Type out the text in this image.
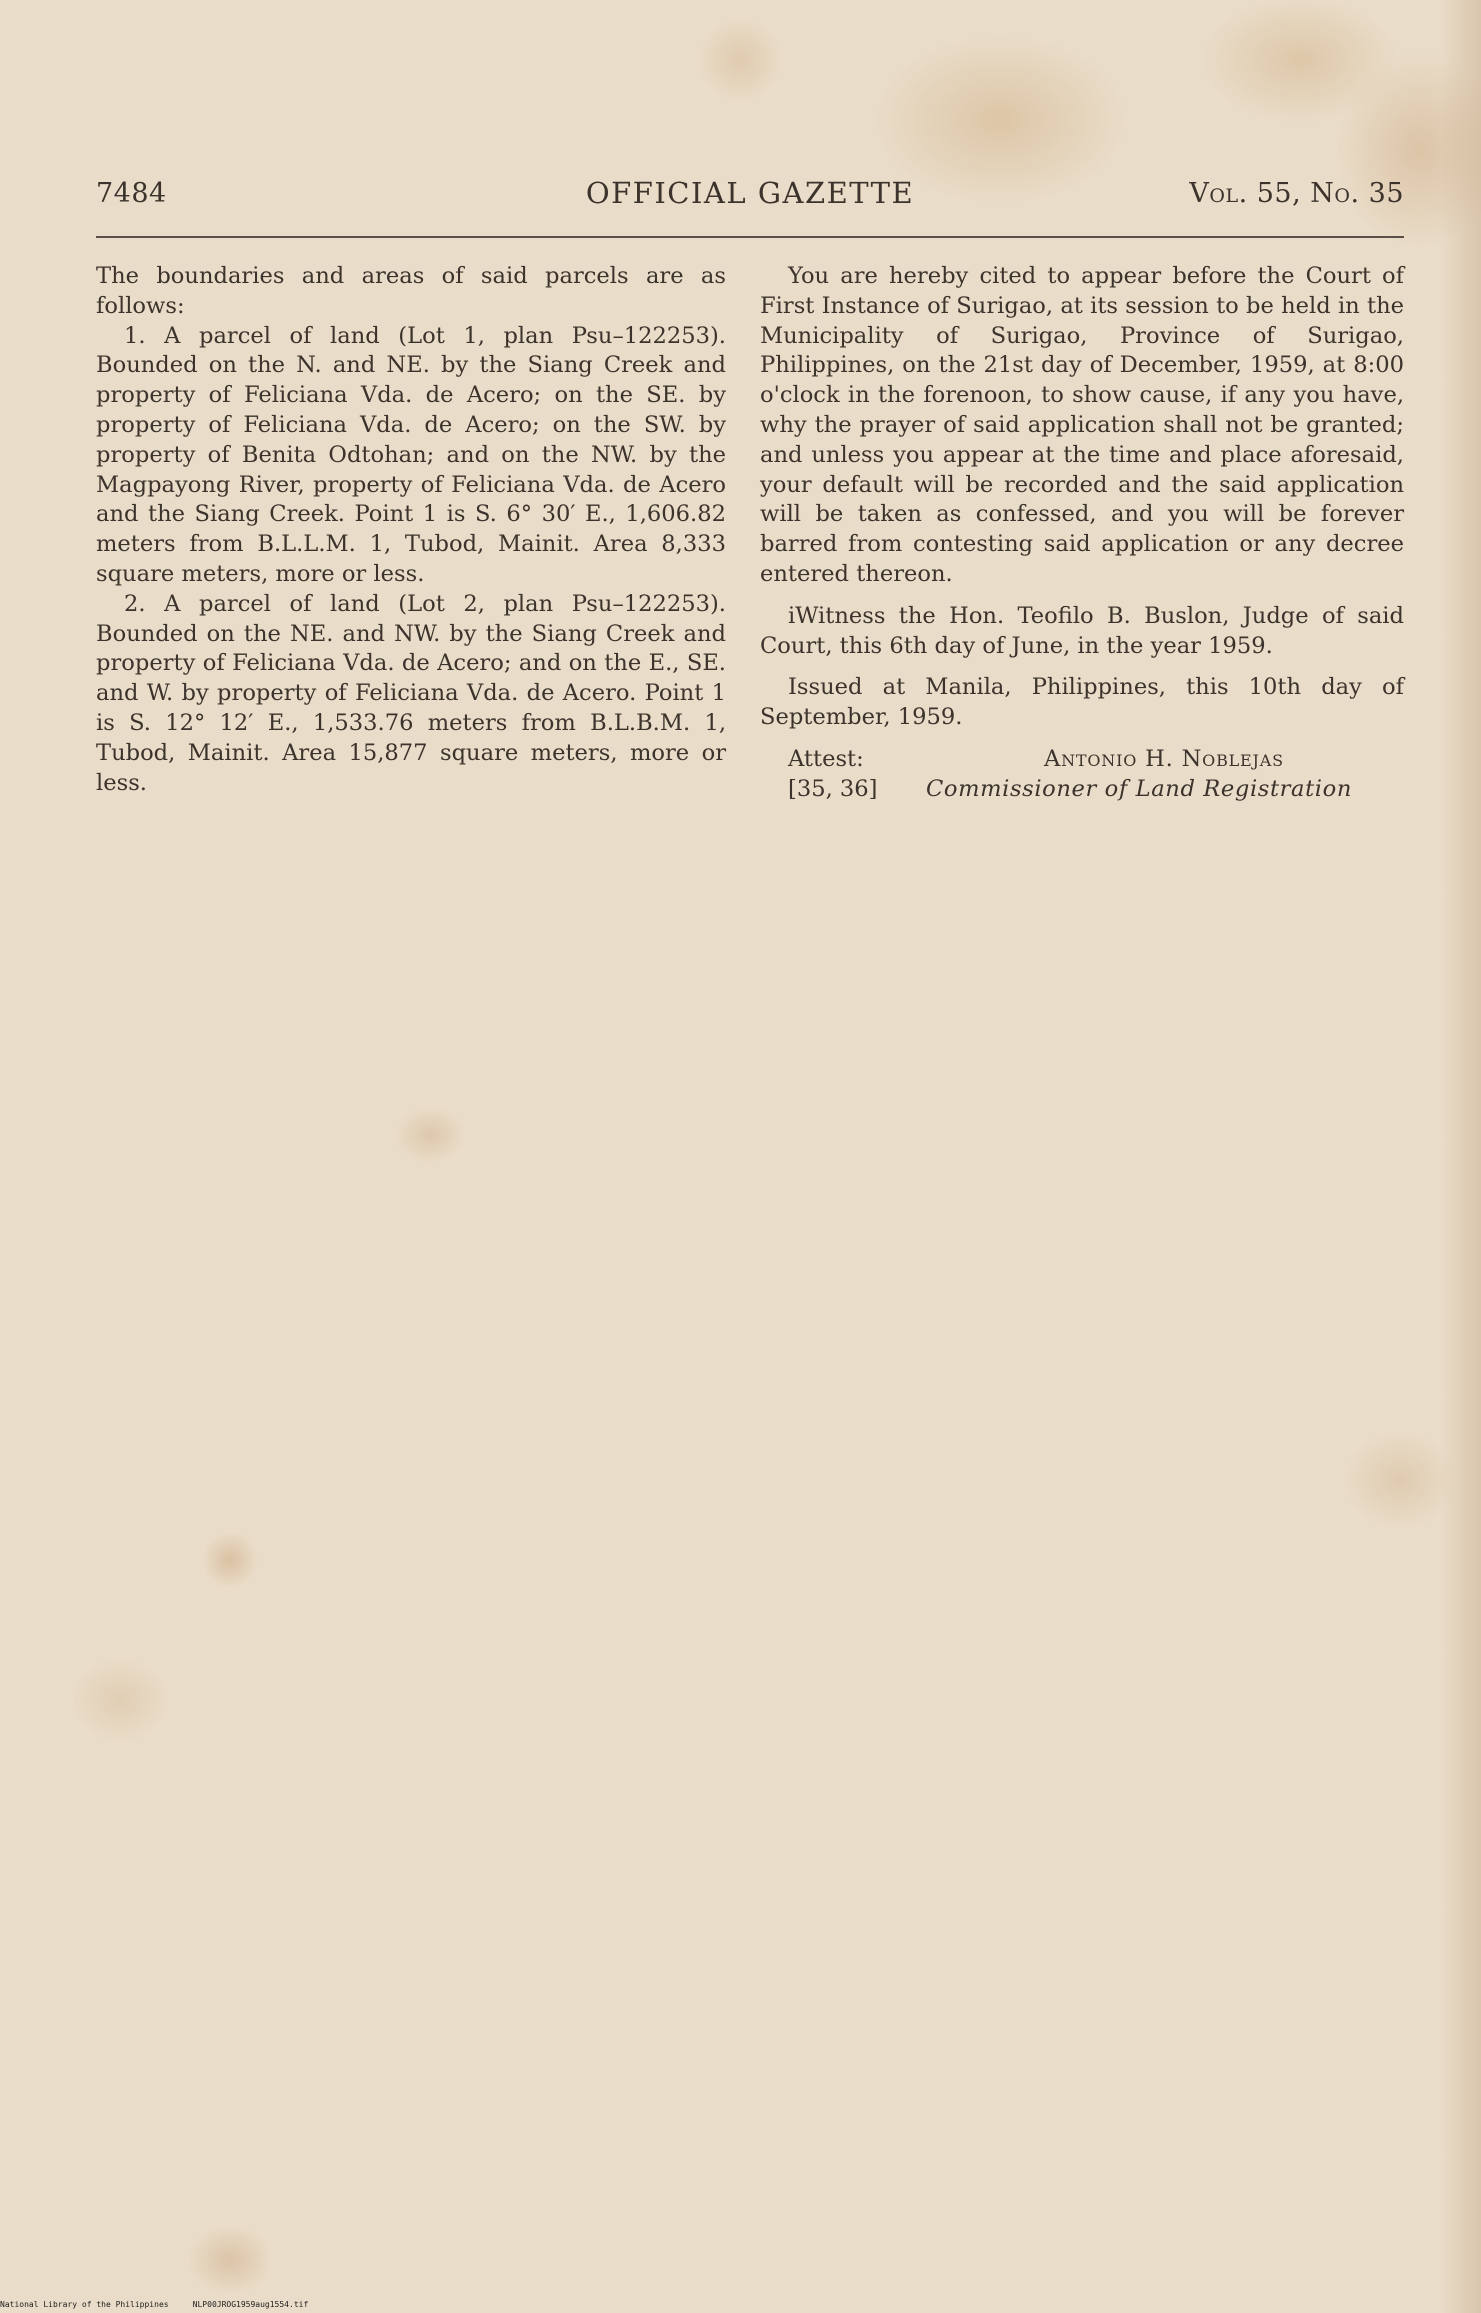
7484	OFFICIAL GAZETTE	Vol. 55, No. 35

The boundaries and areas of said parcels are as follows:

1. A parcel of land (Lot 1, plan Psu–122253). Bounded on the N. and NE. by the Siang Creek and property of Feliciana Vda. de Acero; on the SE. by property of Feliciana Vda. de Acero; on the SW. by property of Benita Odtohan; and on the NW. by the Magpayong River, property of Feliciana Vda. de Acero and the Siang Creek. Point 1 is S. 6° 30′ E., 1,606.82 meters from B.L.L.M. 1, Tubod, Mainit. Area 8,333 square meters, more or less.

2. A parcel of land (Lot 2, plan Psu–122253). Bounded on the NE. and NW. by the Siang Creek and property of Feliciana Vda. de Acero; and on the E., SE. and W. by property of Feliciana Vda. de Acero. Point 1 is S. 12° 12′ E., 1,533.76 meters from B.L.B.M. 1, Tubod, Mainit. Area 15,877 square meters, more or less.

You are hereby cited to appear before the Court of First Instance of Surigao, at its session to be held in the Municipality of Surigao, Province of Surigao, Philippines, on the 21st day of December, 1959, at 8:00 o'clock in the forenoon, to show cause, if any you have, why the prayer of said application shall not be granted; and unless you appear at the time and place aforesaid, your default will be recorded and the said application will be taken as confessed, and you will be forever barred from contesting said application or any decree entered thereon.

iWitness the Hon. Teofilo B. Buslon, Judge of said Court, this 6th day of June, in the year 1959.

Issued at Manila, Philippines, this 10th day of September, 1959.

Attest:	Antonio H. Noblejas
[35, 36] Commissioner of Land Registration
National Library of the Philippines	NLP00JROG1959aug1554.tif
